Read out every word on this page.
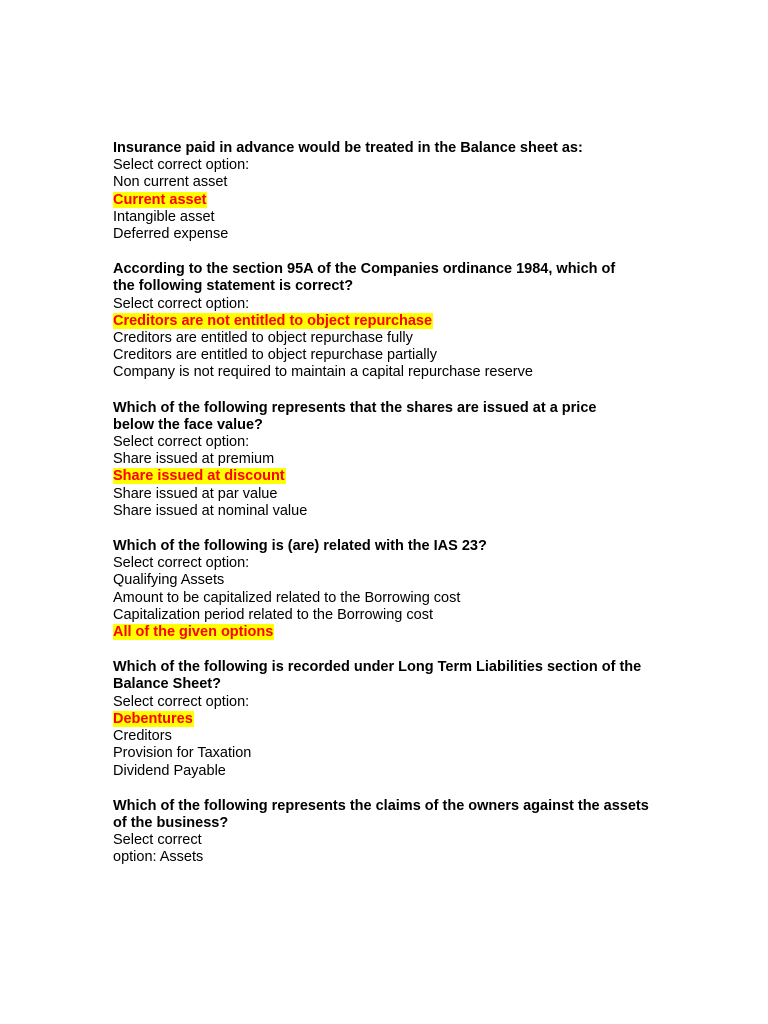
Insurance paid in advance would be treated in the Balance sheet as:
Select correct option:
Non current asset
Current asset
Intangible asset
Deferred expense
According to the section 95A of the Companies ordinance 1984, which of
the following statement is correct?
Select correct option:
Creditors are not entitled to object repurchase
Creditors are entitled to object repurchase fully
Creditors are entitled to object repurchase partially
Company is not required to maintain a capital repurchase reserve
Which of the following represents that the shares are issued at a price
below the face value?
Select correct option:
Share issued at premium
Share issued at discount
Share issued at par value
Share issued at nominal value
Which of the following is (are) related with the IAS 23?
Select correct option:
Qualifying Assets
Amount to be capitalized related to the Borrowing cost
Capitalization period related to the Borrowing cost
All of the given options
Which of the following is recorded under Long Term Liabilities section of the
Balance Sheet?
Select correct option:
Debentures
Creditors
Provision for Taxation
Dividend Payable
Which of the following represents the claims of the owners against the assets
of the business?
Select correct
option: Assets
